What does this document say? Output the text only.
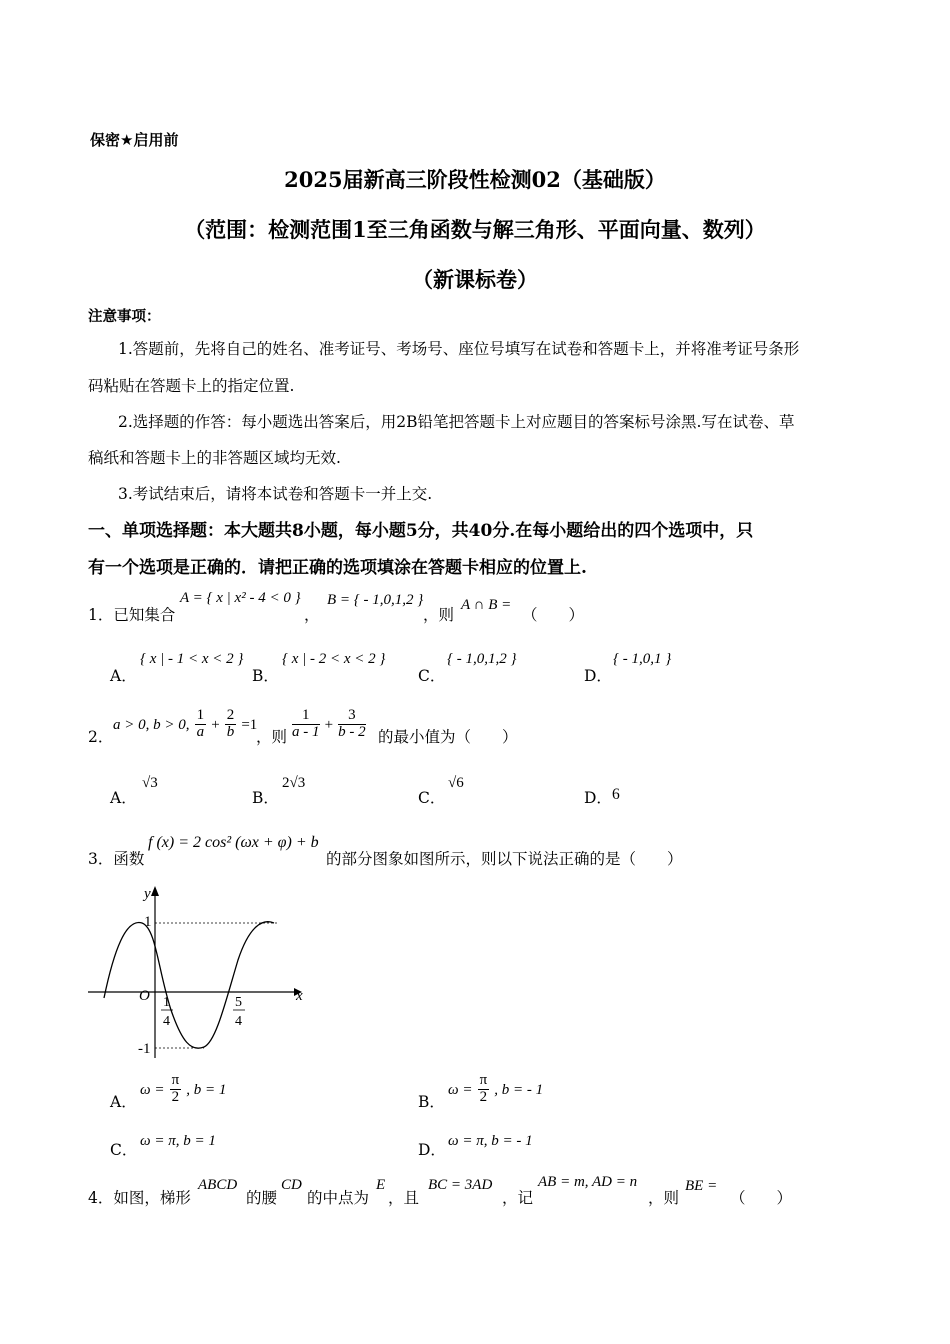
保密★启用前
2025届新高三阶段性检测02（基础版）
（范围：检测范围1至三角函数与解三角形、平面向量、数列）
（新课标卷）
注意事项：
1.答题前，先将自己的姓名、准考证号、考场号、座位号填写在试卷和答题卡上，并将准考证号条形
码粘贴在答题卡上的指定位置.
2.选择题的作答：每小题选出答案后，用2B铅笔把答题卡上对应题目的答案标号涂黑.写在试卷、草
稿纸和答题卡上的非答题区域均无效.
3.考试结束后，请将本试卷和答题卡一并上交.
一、单项选择题：本大题共8小题，每小题5分，共40分.在每小题给出的四个选项中，只
有一个选项是正确的．请把正确的选项填涂在答题卡相应的位置上.
1．已知集合
A = { x | x² - 4 < 0 }
，
B = { - 1,0,1,2 }
，则
A ∩ B =
（　　）
A．
{ x | - 1 < x < 2 }
B．
{ x | - 2 < x < 2 }
C．
{ - 1,0,1,2 }
D．
{ - 1,0,1 }
2．
a > 0, b > 0, $\frac{1}{a} + \frac{2}{b} =1$
，则 $\frac{1}{a - 1} + \frac{3}{b - 2}$ 的最小值为（　　）
A．
√3
B．
2√3
C．
√6
D． 6
3．函数
f (x) = 2 cos² (ωx + φ) + b
的部分图象如图所示，则以下说法正确的是（　　）
y
x
O
1
-1
1
4
5
4
A．
$\omega = \frac{\pi}{2}$ , b = 1
B．
$\omega = \frac{\pi}{2}$ , b = - 1
C． ω = π, b = 1	D． ω = π, b = - 1
4．如图，梯形
ABCD
的腰
CD
的中点为
E
，且
BC = 3AD
，记
AB = m, AD = n
，则
BE =
（　　）
